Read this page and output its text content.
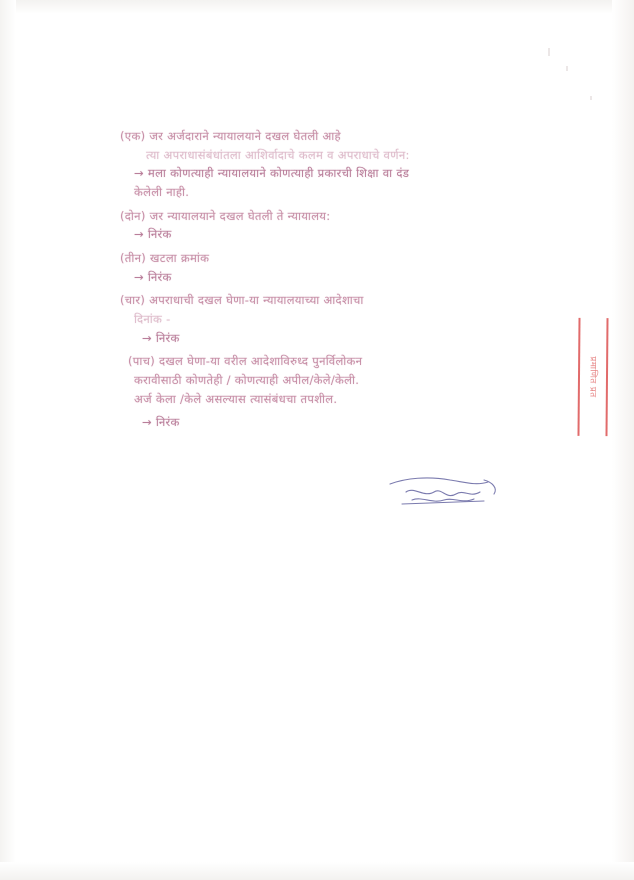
(एक) जर अर्जदाराने न्यायालयाने दखल घेतली आहे
त्या अपराधासंबंधांतला आशिर्वादाचे कलम व अपराधाचे वर्णन:
→ मला कोणत्याही न्यायालयाने कोणत्याही प्रकारची शिक्षा वा दंड
केलेली नाही.
(दोन) जर न्यायालयाने दखल घेतली ते न्यायालय:
→ निरंक
(तीन) खटला क्रमांक
→ निरंक
(चार) अपराधाची दखल घेणा-या न्यायालयाच्या आदेशाचा
दिनांक -
→ निरंक
(पाच) दखल घेणा-या वरील आदेशाविरुध्द पुनर्विलोकन
करावीसाठी कोणतेही / कोणत्याही अपील/केले/केली.
अर्ज केला /केले असल्यास त्यासंबंधचा तपशील.
→ निरंक
प्रमाणित प्रत
